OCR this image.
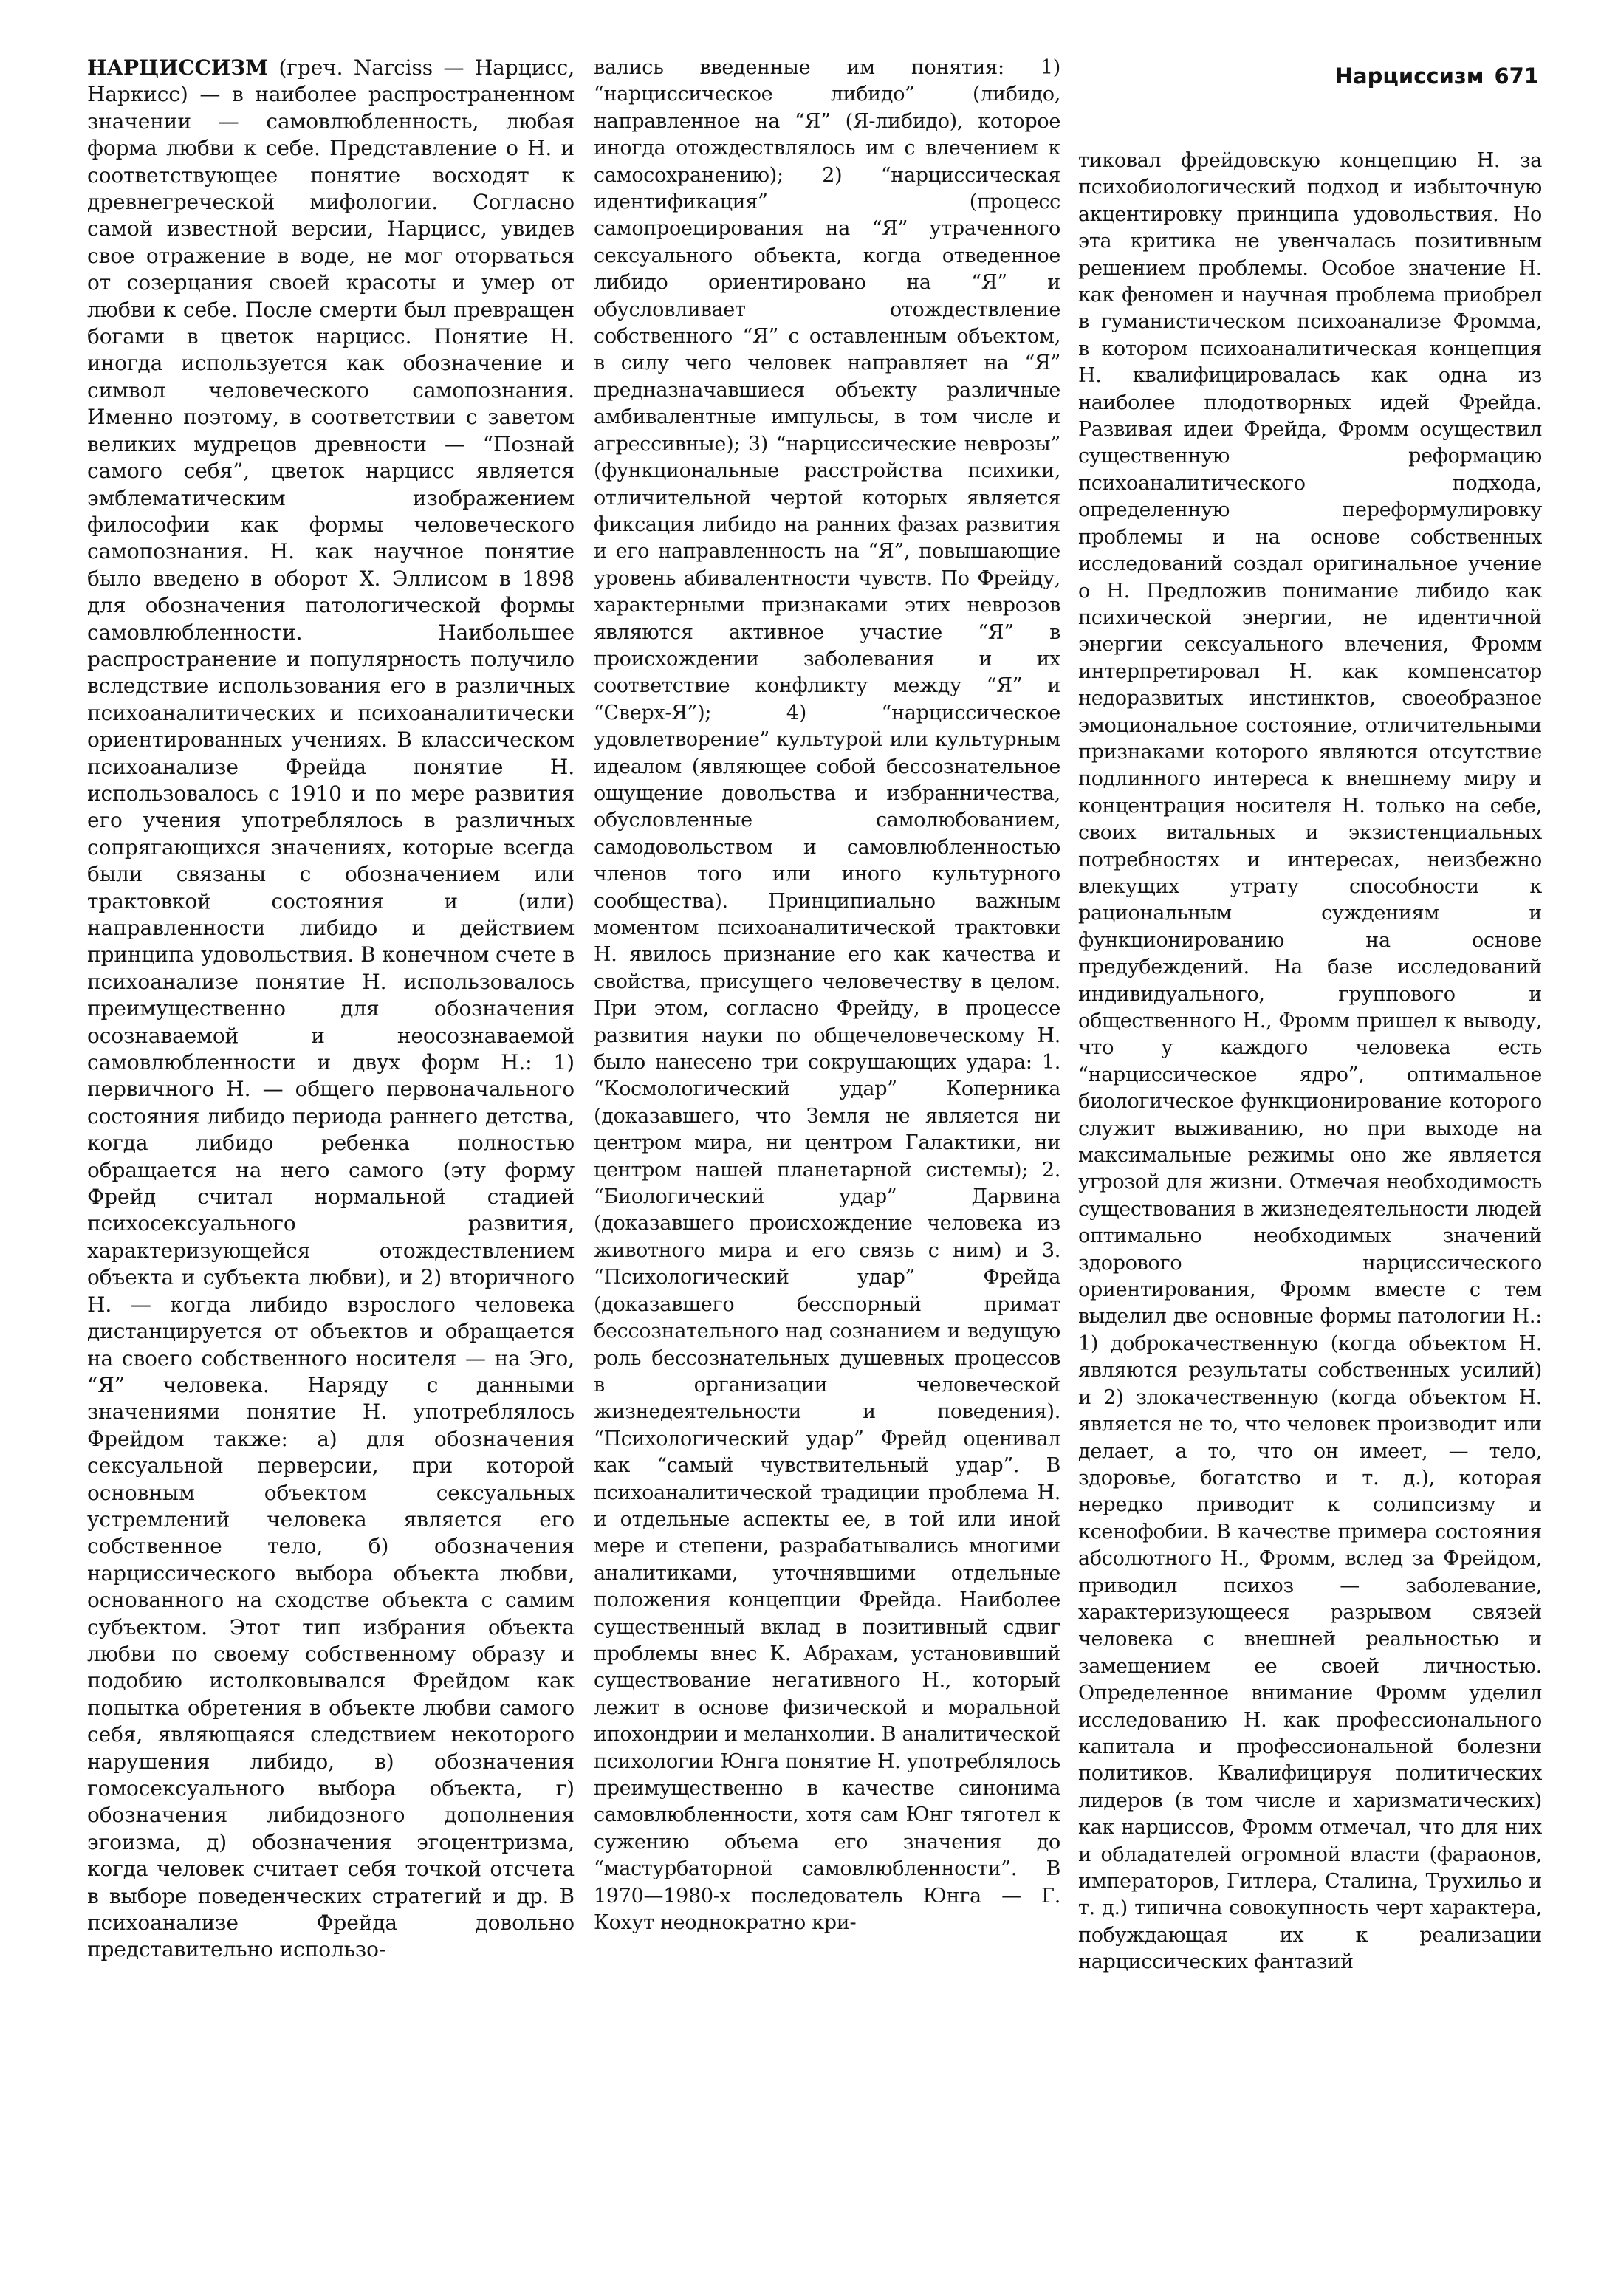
Нарциссизм 671

НАРЦИССИЗМ (греч. Narciss — Нарцисс, Наркисс) — в наиболее распространенном значении — самовлюбленность, любая форма любви к себе. Представление о Н. и соответствующее понятие восходят к древнегреческой мифологии. Согласно самой известной версии, Нарцисс, увидев свое отражение в воде, не мог оторваться от созерцания своей красоты и умер от любви к себе. После смерти был превращен богами в цветок нарцисс. Понятие Н. иногда используется как обозначение и символ человеческого самопознания. Именно поэтому, в соответствии с заветом великих мудрецов древности — “Познай самого себя”, цветок нарцисс является эмблематическим изображением философии как формы человеческого самопознания. Н. как научное понятие было введено в оборот Х. Эллисом в 1898 для обозначения патологической формы самовлюбленности. Наибольшее распространение и популярность получило вследствие использования его в различных психоаналитических и психоаналитически ориентированных учениях. В классическом психоанализе Фрейда понятие Н. использовалось с 1910 и по мере развития его учения употреблялось в различных сопрягающихся значениях, которые всегда были связаны с обозначением или трактовкой состояния и (или) направленности либидо и действием принципа удовольствия. В конечном счете в психоанализе понятие Н. использовалось преимущественно для обозначения осознаваемой и неосознаваемой самовлюбленности и двух форм Н.: 1) первичного Н. — общего первоначального состояния либидо периода раннего детства, когда либидо ребенка полностью обращается на него самого (эту форму Фрейд считал нормальной стадией психосексуального развития, характеризующейся отождествлением объекта и субъекта любви), и 2) вторичного Н. — когда либидо взрослого человека дистанцируется от объектов и обращается на своего собственного носителя — на Эго, “Я” человека. Наряду с данными значениями понятие Н. употреблялось Фрейдом также: а) для обозначения сексуальной перверсии, при которой основным объектом сексуальных устремлений человека является его собственное тело, б) обозначения нарциссического выбора объекта любви, основанного на сходстве объекта с самим субъектом. Этот тип избрания объекта любви по своему собственному образу и подобию истолковывался Фрейдом как попытка обретения в объекте любви самого себя, являющаяся следствием некоторого нарушения либидо, в) обозначения гомосексуального выбора объекта, г) обозначения либидозного дополнения эгоизма, д) обозначения эгоцентризма, когда человек считает себя точкой отсчета в выборе поведенческих стратегий и др. В психоанализе Фрейда довольно представительно использо-

вались введенные им понятия: 1) “нарциссическое либидо” (либидо, направленное на “Я” (Я-либидо), которое иногда отождествлялось им с влечением к самосохранению); 2) “нарциссическая идентификация” (процесс самопроецирования на “Я” утраченного сексуального объекта, когда отведенное либидо ориентировано на “Я” и обусловливает отождествление собственного “Я” с оставленным объектом, в силу чего человек направляет на “Я” предназначавшиеся объекту различные амбивалентные импульсы, в том числе и агрессивные); 3) “нарциссические неврозы” (функциональные расстройства психики, отличительной чертой которых является фиксация либидо на ранних фазах развития и его направленность на “Я”, повышающие уровень абивалентности чувств. По Фрейду, характерными признаками этих неврозов являются активное участие “Я” в происхождении заболевания и их соответствие конфликту между “Я” и “Сверх-Я”); 4) “нарциссическое удовлетворение” культурой или культурным идеалом (являющее собой бессознательное ощущение довольства и избранничества, обусловленные самолюбованием, самодовольством и самовлюбленностью членов того или иного культурного сообщества). Принципиально важным моментом психоаналитической трактовки Н. явилось признание его как качества и свойства, присущего человечеству в целом. При этом, согласно Фрейду, в процессе развития науки по общечеловеческому Н. было нанесено три сокрушающих удара: 1. “Космологический удар” Коперника (доказавшего, что Земля не является ни центром мира, ни центром Галактики, ни центром нашей планетарной системы); 2. “Биологический удар” Дарвина (доказавшего происхождение человека из животного мира и его связь с ним) и 3. “Психологический удар” Фрейда (доказавшего бесспорный примат бессознательного над сознанием и ведущую роль бессознательных душевных процессов в организации человеческой жизнедеятельности и поведения). “Психологический удар” Фрейд оценивал как “самый чувствительный удар”. В психоаналитической традиции проблема Н. и отдельные аспекты ее, в той или иной мере и степени, разрабатывались многими аналитиками, уточнявшими отдельные положения концепции Фрейда. Наиболее существенный вклад в позитивный сдвиг проблемы внес К. Абрахам, установивший существование негативного Н., который лежит в основе физической и моральной ипохондрии и меланхолии. В аналитической психологии Юнга понятие Н. употреблялось преимущественно в качестве синонима самовлюбленности, хотя сам Юнг тяготел к сужению объема его значения до “мастурбаторной самовлюбленности”. В 1970—1980-х последователь Юнга — Г. Кохут неоднократно кри-

тиковал фрейдовскую концепцию Н. за психобиологический подход и избыточную акцентировку принципа удовольствия. Но эта критика не увенчалась позитивным решением проблемы. Особое значение Н. как феномен и научная проблема приобрел в гуманистическом психоанализе Фромма, в котором психоаналитическая концепция Н. квалифицировалась как одна из наиболее плодотворных идей Фрейда. Развивая идеи Фрейда, Фромм осуществил существенную реформацию психоаналитического подхода, определенную переформулировку проблемы и на основе собственных исследований создал оригинальное учение о Н. Предложив понимание либидо как психической энергии, не идентичной энергии сексуального влечения, Фромм интерпретировал Н. как компенсатор недоразвитых инстинктов, своеобразное эмоциональное состояние, отличительными признаками которого являются отсутствие подлинного интереса к внешнему миру и концентрация носителя Н. только на себе, своих витальных и экзистенциальных потребностях и интересах, неизбежно влекущих утрату способности к рациональным суждениям и функционированию на основе предубеждений. На базе исследований индивидуального, группового и общественного Н., Фромм пришел к выводу, что у каждого человека есть “нарциссическое ядро”, оптимальное биологическое функционирование которого служит выживанию, но при выходе на максимальные режимы оно же является угрозой для жизни. Отмечая необходимость существования в жизнедеятельности людей оптимально необходимых значений здорового нарциссического ориентирования, Фромм вместе с тем выделил две основные формы патологии Н.: 1) доброкачественную (когда объектом Н. являются результаты собственных усилий) и 2) злокачественную (когда объектом Н. является не то, что человек производит или делает, а то, что он имеет, — тело, здоровье, богатство и т. д.), которая нередко приводит к солипсизму и ксенофобии. В качестве примера состояния абсолютного Н., Фромм, вслед за Фрейдом, приводил психоз — заболевание, характеризующееся разрывом связей человека с внешней реальностью и замещением ее своей личностью. Определенное внимание Фромм уделил исследованию Н. как профессионального капитала и профессиональной болезни политиков. Квалифицируя политических лидеров (в том числе и харизматических) как нарциссов, Фромм отмечал, что для них и обладателей огромной власти (фараонов, императоров, Гитлера, Сталина, Трухильо и т. д.) типична совокупность черт характера, побуждающая их к реализации нарциссических фантазий
